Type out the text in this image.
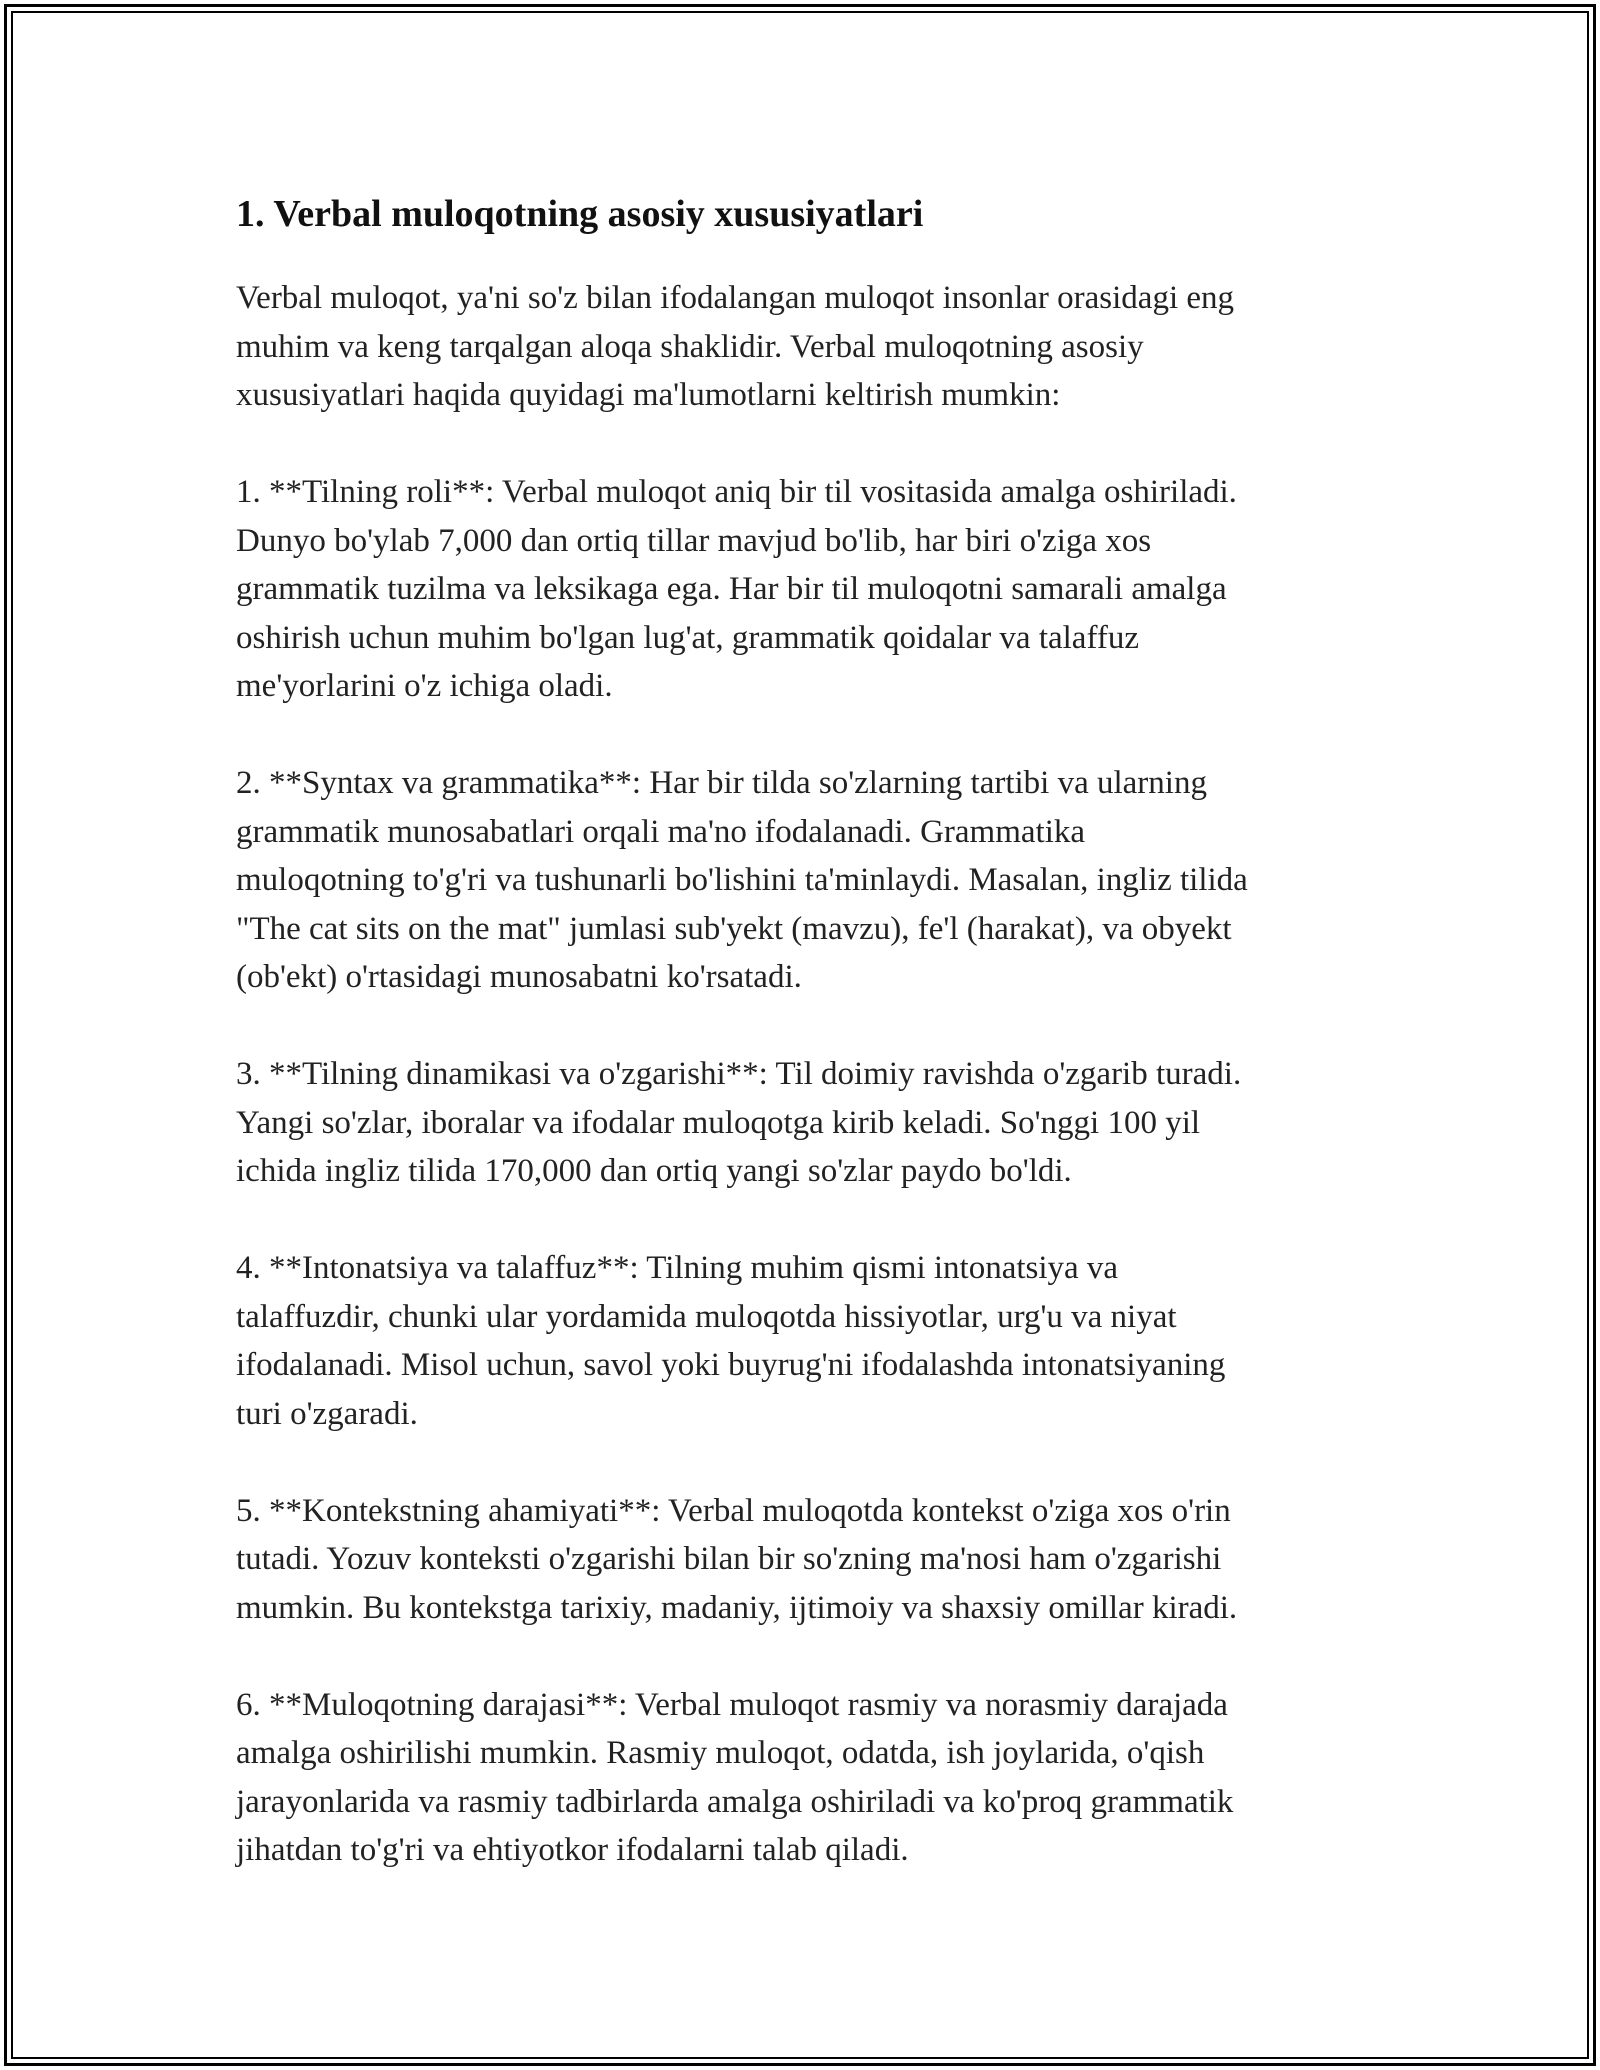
1. Verbal muloqotning asosiy xususiyatlari

Verbal muloqot, ya'ni so'z bilan ifodalangan muloqot insonlar orasidagi eng
muhim va keng tarqalgan aloqa shaklidir. Verbal muloqotning asosiy
xususiyatlari haqida quyidagi ma'lumotlarni keltirish mumkin:

1. **Tilning roli**: Verbal muloqot aniq bir til vositasida amalga oshiriladi.
Dunyo bo'ylab 7,000 dan ortiq tillar mavjud bo'lib, har biri o'ziga xos
grammatik tuzilma va leksikaga ega. Har bir til muloqotni samarali amalga
oshirish uchun muhim bo'lgan lug'at, grammatik qoidalar va talaffuz
me'yorlarini o'z ichiga oladi.

2. **Syntax va grammatika**: Har bir tilda so'zlarning tartibi va ularning
grammatik munosabatlari orqali ma'no ifodalanadi. Grammatika
muloqotning to'g'ri va tushunarli bo'lishini ta'minlaydi. Masalan, ingliz tilida
"The cat sits on the mat" jumlasi sub'yekt (mavzu), fe'l (harakat), va obyekt
(ob'ekt) o'rtasidagi munosabatni ko'rsatadi.

3. **Tilning dinamikasi va o'zgarishi**: Til doimiy ravishda o'zgarib turadi.
Yangi so'zlar, iboralar va ifodalar muloqotga kirib keladi. So'nggi 100 yil
ichida ingliz tilida 170,000 dan ortiq yangi so'zlar paydo bo'ldi.

4. **Intonatsiya va talaffuz**: Tilning muhim qismi intonatsiya va
talaffuzdir, chunki ular yordamida muloqotda hissiyotlar, urg'u va niyat
ifodalanadi. Misol uchun, savol yoki buyrug'ni ifodalashda intonatsiyaning
turi o'zgaradi.

5. **Kontekstning ahamiyati**: Verbal muloqotda kontekst o'ziga xos o'rin
tutadi. Yozuv konteksti o'zgarishi bilan bir so'zning ma'nosi ham o'zgarishi
mumkin. Bu kontekstga tarixiy, madaniy, ijtimoiy va shaxsiy omillar kiradi.

6. **Muloqotning darajasi**: Verbal muloqot rasmiy va norasmiy darajada
amalga oshirilishi mumkin. Rasmiy muloqot, odatda, ish joylarida, o'qish
jarayonlarida va rasmiy tadbirlarda amalga oshiriladi va ko'proq grammatik
jihatdan to'g'ri va ehtiyotkor ifodalarni talab qiladi.
